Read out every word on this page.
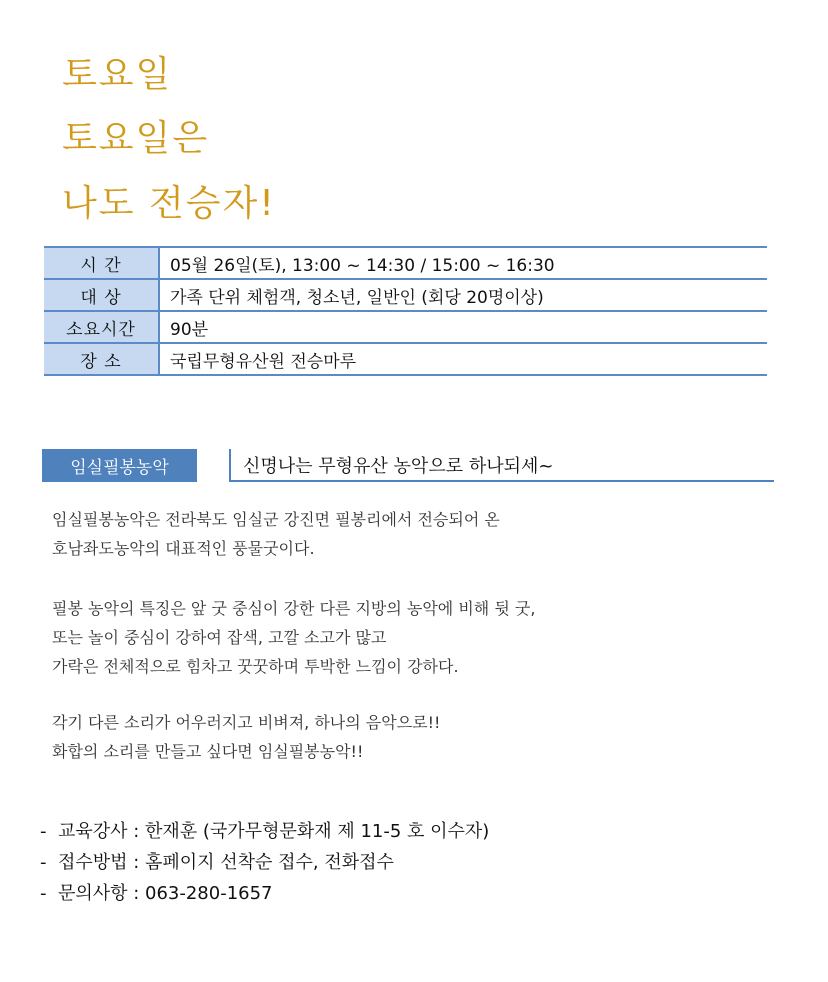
토요일
토요일은
나도 전승자!
시 간	05월 26일(토), 13:00 ~ 14:30 / 15:00 ~ 16:30
대 상	가족 단위 체험객, 청소년, 일반인 (회당 20명이상)
소요시간	90분
장 소	국립무형유산원 전승마루
임실필봉농악	신명나는 무형유산 농악으로 하나되세~
임실필봉농악은 전라북도 임실군 강진면 필봉리에서 전승되어 온
호남좌도농악의 대표적인 풍물굿이다.
필봉 농악의 특징은 앞 굿 중심이 강한 다른 지방의 농악에 비해 뒷 굿,
또는 놀이 중심이 강하여 잡색, 고깔 소고가 많고
가락은 전체적으로 힘차고 꿋꿋하며 투박한 느낌이 강하다.
각기 다른 소리가 어우러지고 비벼져, 하나의 음악으로!!
화합의 소리를 만들고 싶다면 임실필봉농악!!
-  교육강사 : 한재훈 (국가무형문화재 제 11-5 호 이수자)
-  접수방법 : 홈페이지 선착순 접수, 전화접수
-  문의사항 : 063-280-1657
